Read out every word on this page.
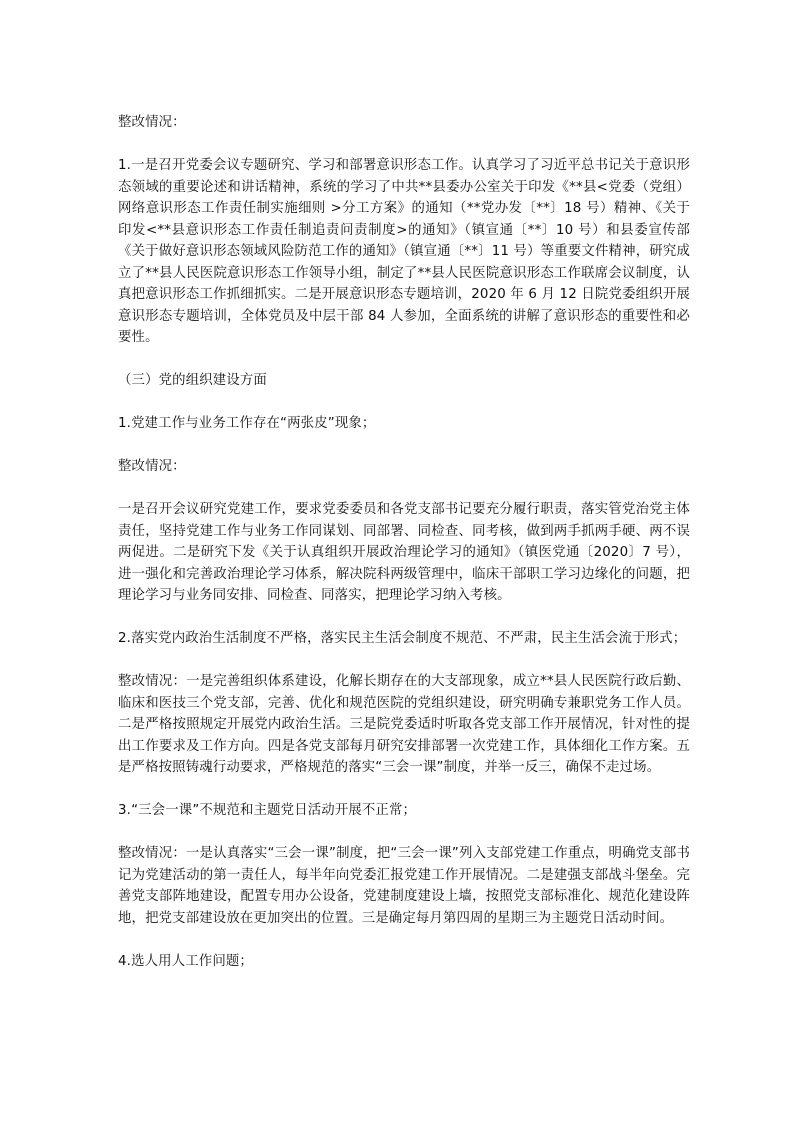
整改情况：

1.一是召开党委会议专题研究、学习和部署意识形态工作。认真学习了习近平总书记关于意识形态领域的重要论述和讲话精神，系统的学习了中共**县委办公室关于印发《**县<党委（党组）网络意识形态工作责任制实施细则 >分工方案》的通知（**党办发〔**〕18 号）精神、《关于印发<**县意识形态工作责任制追责问责制度>的通知》（镇宣通〔**〕10 号）和县委宣传部《关于做好意识形态领域风险防范工作的通知》（镇宣通〔**〕11 号）等重要文件精神，研究成立了**县人民医院意识形态工作领导小组，制定了**县人民医院意识形态工作联席会议制度，认真把意识形态工作抓细抓实。二是开展意识形态专题培训，2020 年 6 月 12 日院党委组织开展意识形态专题培训，全体党员及中层干部 84 人参加，全面系统的讲解了意识形态的重要性和必要性。

（三）党的组织建设方面

1.党建工作与业务工作存在“两张皮”现象；

整改情况：

一是召开会议研究党建工作，要求党委委员和各党支部书记要充分履行职责，落实管党治党主体责任，坚持党建工作与业务工作同谋划、同部署、同检查、同考核，做到两手抓两手硬、两不误两促进。二是研究下发《关于认真组织开展政治理论学习的通知》（镇医党通〔2020〕7 号），进一强化和完善政治理论学习体系，解决院科两级管理中，临床干部职工学习边缘化的问题，把理论学习与业务同安排、同检查、同落实，把理论学习纳入考核。

2.落实党内政治生活制度不严格，落实民主生活会制度不规范、不严肃，民主生活会流于形式；

整改情况：一是完善组织体系建设，化解长期存在的大支部现象，成立**县人民医院行政后勤、临床和医技三个党支部，完善、优化和规范医院的党组织建设，研究明确专兼职党务工作人员。二是严格按照规定开展党内政治生活。三是院党委适时听取各党支部工作开展情况，针对性的提出工作要求及工作方向。四是各党支部每月研究安排部署一次党建工作，具体细化工作方案。五是严格按照铸魂行动要求，严格规范的落实“三会一课”制度，并举一反三，确保不走过场。

3.“三会一课”不规范和主题党日活动开展不正常；

整改情况：一是认真落实“三会一课”制度，把“三会一课”列入支部党建工作重点，明确党支部书记为党建活动的第一责任人，每半年向党委汇报党建工作开展情况。二是建强支部战斗堡垒。完善党支部阵地建设，配置专用办公设备，党建制度建设上墙，按照党支部标准化、规范化建设阵地，把党支部建设放在更加突出的位置。三是确定每月第四周的星期三为主题党日活动时间。

4.选人用人工作问题；
